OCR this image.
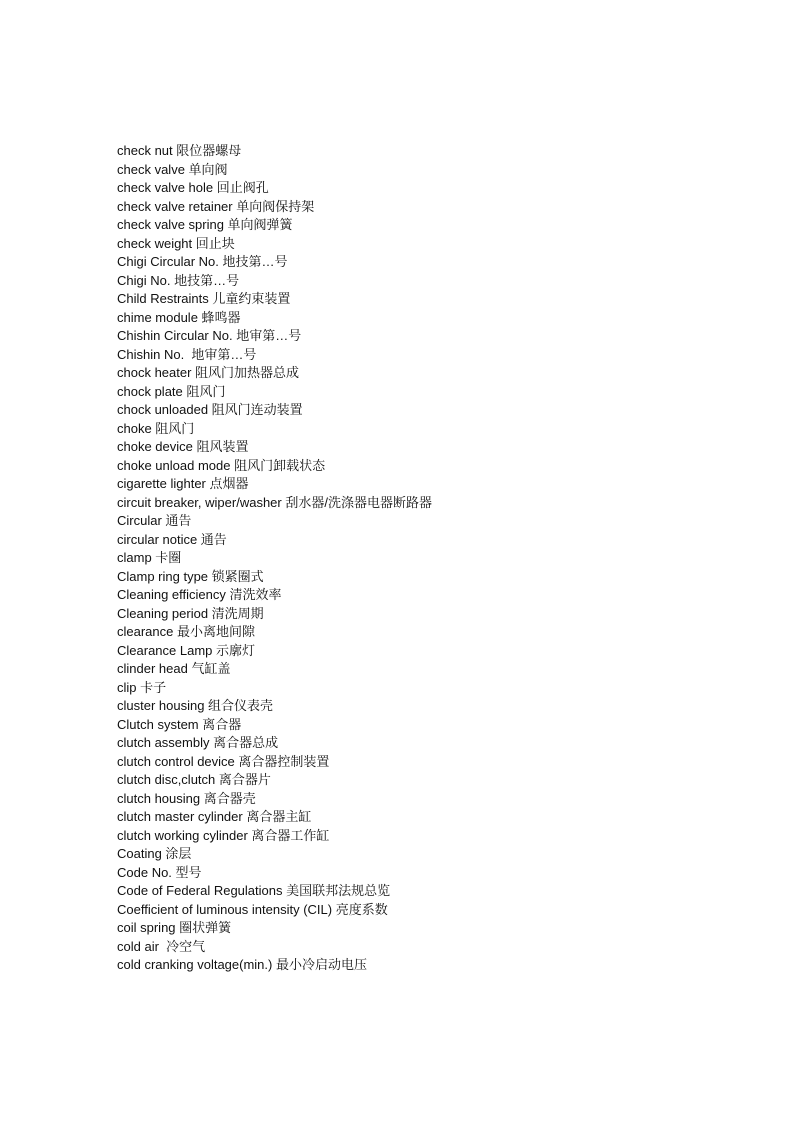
check nut 限位器螺母
check valve 单向阀
check valve hole 回止阀孔
check valve retainer 单向阀保持架
check valve spring 单向阀弹簧
check weight 回止块
Chigi Circular No. 地技第…号
Chigi No. 地技第…号
Child Restraints 儿童约束装置
chime module 蜂鸣器
Chishin Circular No. 地审第…号
Chishin No.  地审第…号
chock heater 阻风门加热器总成
chock plate 阻风门
chock unloaded 阻风门连动装置
choke 阻风门
choke device 阻风装置
choke unload mode 阻风门卸载状态
cigarette lighter 点烟器
circuit breaker, wiper/washer 刮水器/洗涤器电器断路器
Circular 通告
circular notice 通告
clamp 卡圈
Clamp ring type 锁紧圈式
Cleaning efficiency 清洗效率
Cleaning period 清洗周期
clearance 最小离地间隙
Clearance Lamp 示廓灯
clinder head 气缸盖
clip 卡子
cluster housing 组合仪表壳
Clutch system 离合器
clutch assembly 离合器总成
clutch control device 离合器控制装置
clutch disc,clutch 离合器片
clutch housing 离合器壳
clutch master cylinder 离合器主缸
clutch working cylinder 离合器工作缸
Coating 涂层
Code No. 型号
Code of Federal Regulations 美国联邦法规总览
Coefficient of luminous intensity (CIL) 亮度系数
coil spring 圈状弹簧
cold air  冷空气
cold cranking voltage(min.) 最小冷启动电压
